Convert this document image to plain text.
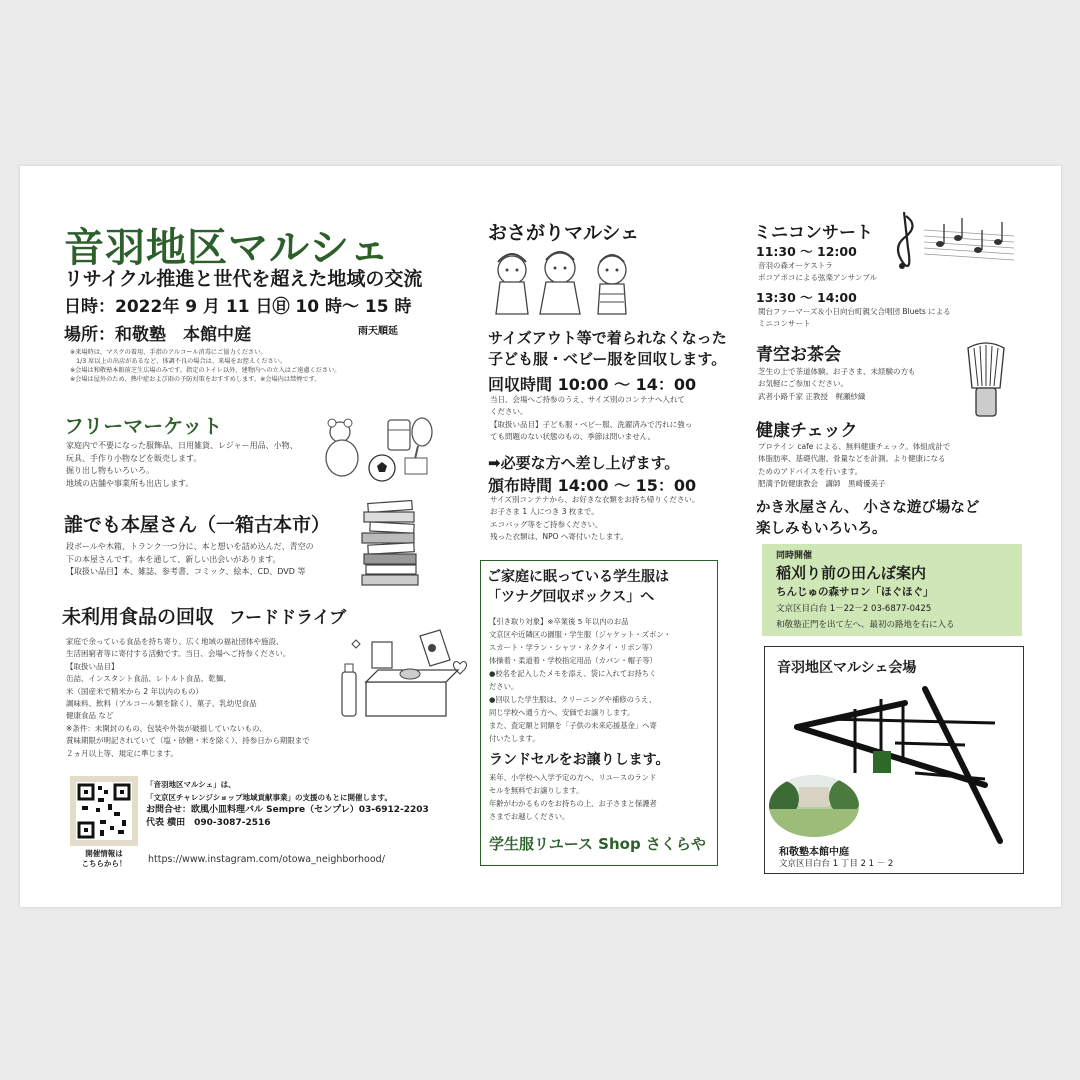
音羽地区マルシェ
リサイクル推進と世代を超えた地域の交流
日時：2022年 9 月 11 日㊐ 10 時～ 15 時
場所：和敬塾　本館中庭	雨天順延
※来場時は、マスクの着用、手指のアルコール消毒にご協力ください。
　1/3 席以上の出店があるなど、体調不良の場合は、来場をお控えください。
※会場は和敬塾本館前芝生広場のみです。指定のトイレ以外、建物内への立入はご遠慮ください。
※会場は屋外のため、熱中症および雨の予防対策をおすすめします。※会場内は禁煙です。
フリーマーケット
家庭内で不要になった服飾品、日用雑貨、レジャー用品、小物、
玩具、手作り小物などを販売します。
掘り出し物もいろいろ。
地域の店舗や事業所も出店します。
誰でも本屋さん（一箱古本市）
段ボールや木箱、トランク一つ分に、本と想いを詰め込んだ、青空の
下の本屋さんです。本を通して、新しい出会いがあります。
【取扱い品目】本、雑誌、参考書、コミック、絵本、CD、DVD 等
未利用食品の回収 フードドライブ
家庭で余っている食品を持ち寄り、広く地域の福祉団体や施設、
生活困窮者等に寄付する活動です。当日、会場へご持参ください。
【取扱い品目】
缶詰、インスタント食品、レトルト食品、乾麺、
米（国産米で精米から 2 年以内のもの）
調味料、飲料（アルコール類を除く）、菓子、乳幼児食品
健康食品 など
※条件：未開封のもの、包装や外装が破損していないもの、
賞味期限が明記されていて（塩・砂糖・米を除く）、持参日から期限まで
２ヵ月以上等、規定に準じます。
開催情報は
こちらから！
「音羽地区マルシェ」は、
「文京区チャレンジショップ地域貢献事業」の支援のもとに開催します。
お問合せ：欧風小皿料理バル Sempre（センプレ）03-6912-2203
代表 横田　090-3087-2516
https://www.instagram.com/otowa_neighborhood/
おさがりマルシェ
サイズアウト等で着られなくなった
子ども服・ベビー服を回収します。
回収時間 10:00 ～ 14：00
当日、会場へご持参のうえ、サイズ別のコンテナへ入れて
ください。
【取扱い品目】子ども服・ベビー服、洗濯済みで汚れに強っ
ても問題のない状態のもの、季節は問いません。
➡必要な方へ差し上げます。
頒布時間 14:00 ～ 15：00
サイズ別コンテナから、お好きな衣類をお持ち帰りください。
お子さま 1 人につき 3 枚まで。
エコバッグ等をご持参ください。
残った衣類は、NPO へ寄付いたします。
ご家庭に眠っている学生服は
「ツナグ回収ボックス」へ
【引き取り対象】※卒業後 5 年以内のお品
文京区や近隣区の園服・学生服（ジャケット・ズボン・
スカート・学ラン・シャツ・ネクタイ・リボン等）
体操着・柔道着・学校指定用品（カバン・帽子等）
●校名を記入したメモを添え、袋に入れてお持ちく
ださい。
●回収した学生服は、クリーニングや補修のうえ、
同じ学校へ通う方へ、安価でお譲りします。
また、査定額と同額を「子供の未来応援基金」へ寄
付いたします。
ランドセルをお譲りします。
来年、小学校へ入学予定の方へ、リユースのランド
セルを無料でお譲りします。
年齢がわかるものをお持ちの上、お子さまと保護者
さまでお越しください。
学生服リユース Shop さくらや
ミニコンサート
11:30 ～ 12:00
音羽の森オーケストラ
ポコアポコによる弦楽アンサンブル
13:30 ～ 14:00
関台ファーマーズ＆小日向台町親父合唱団 Bluets による
ミニコンサート
青空お茶会
芝生の上で茶道体験。お子さま、未経験の方も
お気軽にご参加ください。
武者小路千家 正教授　梶瀬紗織
健康チェック
プロテイン cafe による、無料健康チェック。体組成計で
体脂肪率、基礎代謝、骨量などを計測。より健康になる
ためのアドバイスを行います。
肥満予防健康教会　講師　黒崎優美子
かき氷屋さん、 小さな遊び場など
楽しみもいろいろ。
同時開催
稲刈り前の田んぼ案内
ちんじゅの森サロン「ほぐほぐ」
文京区目白台 1－22－2 03-6877-0425
和敬塾正門を出て左へ、最初の路地を右に入る
音羽地区マルシェ会場
・
・
和敬塾本館中庭
文京区目白台 1 丁目 2 1 － 2
